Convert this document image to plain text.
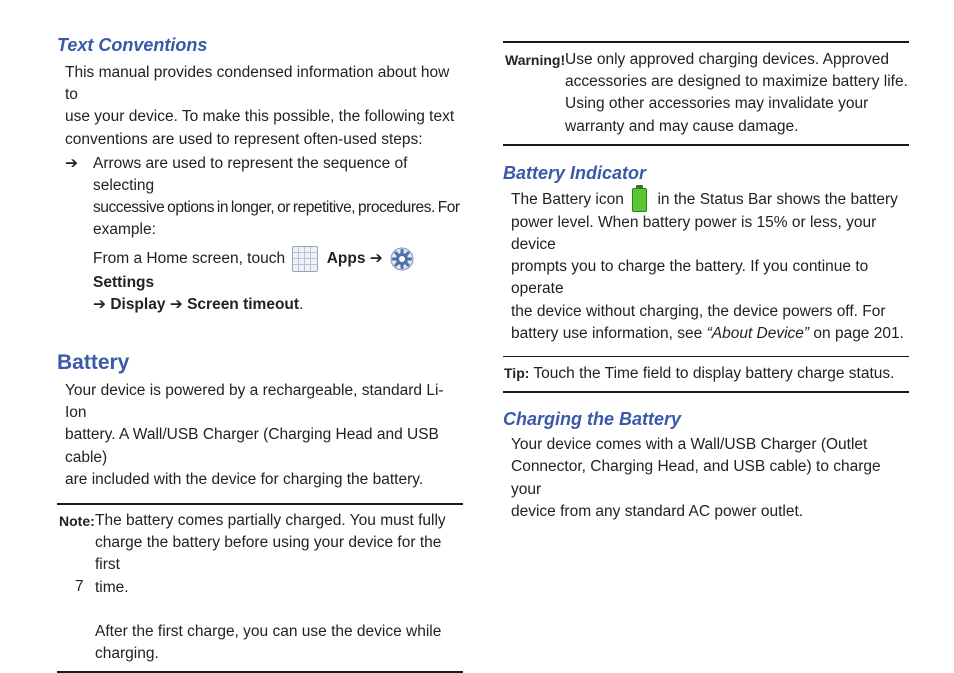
Text Conventions
This manual provides condensed information about how to
use your device. To make this possible, the following text
conventions are used to represent often-used steps:
➔ Arrows are used to represent the sequence of selecting
successive options in longer, or repetitive, procedures. For
example:
From a Home screen, touch	Apps ➔  Settings
➔ Display ➔ Screen timeout.
Battery
Your device is powered by a rechargeable, standard Li-Ion
battery. A Wall/USB Charger (Charging Head and USB cable)
are included with the device for charging the battery.
Note: The battery comes partially charged. You must fully
charge the battery before using your device for the first
time.
After the first charge, you can use the device while
charging.
7
Warning! Use only approved charging devices. Approved
accessories are designed to maximize battery life.
Using other accessories may invalidate your
warranty and may cause damage.
Battery Indicator
The Battery icon in the Status Bar shows the battery
power level. When battery power is 15% or less, your device
prompts you to charge the battery. If you continue to operate
the device without charging, the device powers off. For
battery use information, see “About Device” on page 201.
Tip: Touch the Time field to display battery charge status.
Charging the Battery
Your device comes with a Wall/USB Charger (Outlet
Connector, Charging Head, and USB cable) to charge your
device from any standard AC power outlet.
